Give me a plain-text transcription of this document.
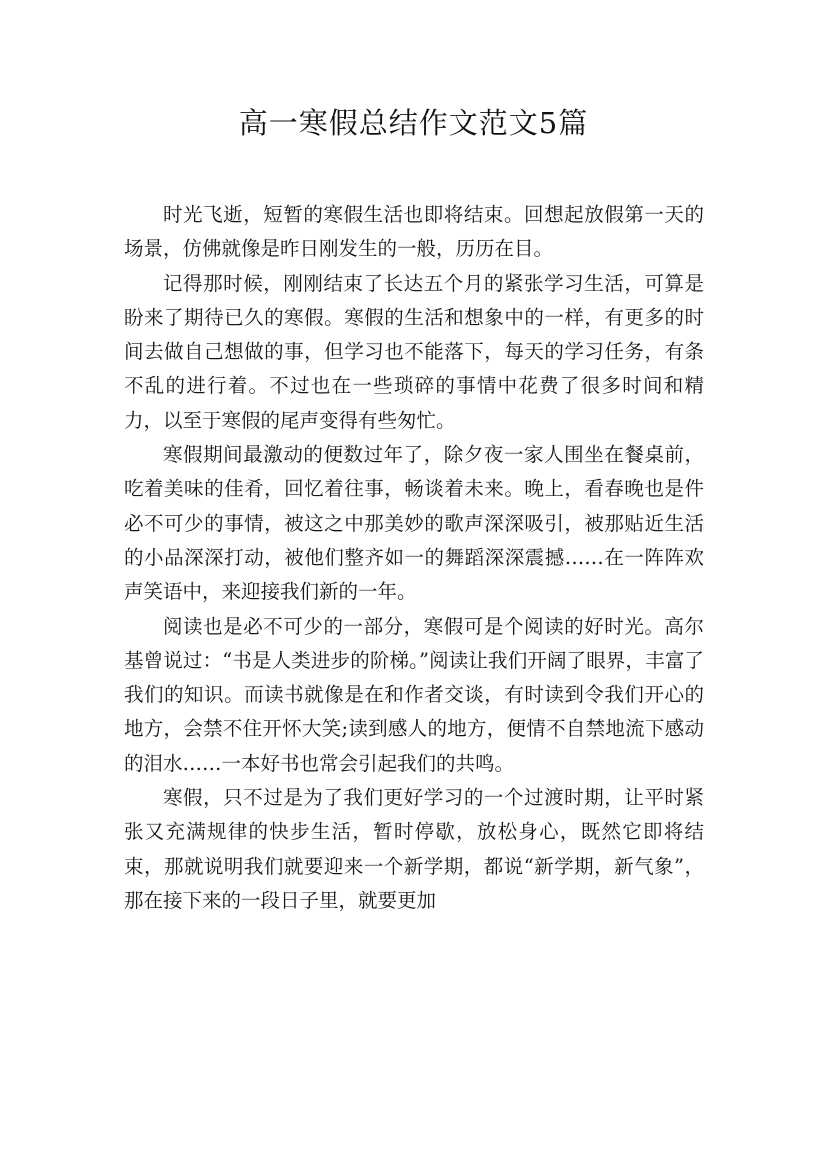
高一寒假总结作文范文5篇

时光飞逝，短暂的寒假生活也即将结束。回想起放假第一天的场景，仿佛就像是昨日刚发生的一般，历历在目。

记得那时候，刚刚结束了长达五个月的紧张学习生活，可算是盼来了期待已久的寒假。寒假的生活和想象中的一样，有更多的时间去做自己想做的事，但学习也不能落下，每天的学习任务，有条不乱的进行着。不过也在一些琐碎的事情中花费了很多时间和精力，以至于寒假的尾声变得有些匆忙。

寒假期间最激动的便数过年了，除夕夜一家人围坐在餐桌前，吃着美味的佳肴，回忆着往事，畅谈着未来。晚上，看春晚也是件必不可少的事情，被这之中那美妙的歌声深深吸引，被那贴近生活的小品深深打动，被他们整齐如一的舞蹈深深震撼……在一阵阵欢声笑语中，来迎接我们新的一年。

阅读也是必不可少的一部分，寒假可是个阅读的好时光。高尔基曾说过：“书是人类进步的阶梯。”阅读让我们开阔了眼界，丰富了我们的知识。而读书就像是在和作者交谈，有时读到令我们开心的地方，会禁不住开怀大笑;读到感人的地方，便情不自禁地流下感动的泪水……一本好书也常会引起我们的共鸣。

寒假，只不过是为了我们更好学习的一个过渡时期，让平时紧张又充满规律的快步生活，暂时停歇，放松身心，既然它即将结束，那就说明我们就要迎来一个新学期，都说“新学期，新气象”，那在接下来的一段日子里，就要更加
